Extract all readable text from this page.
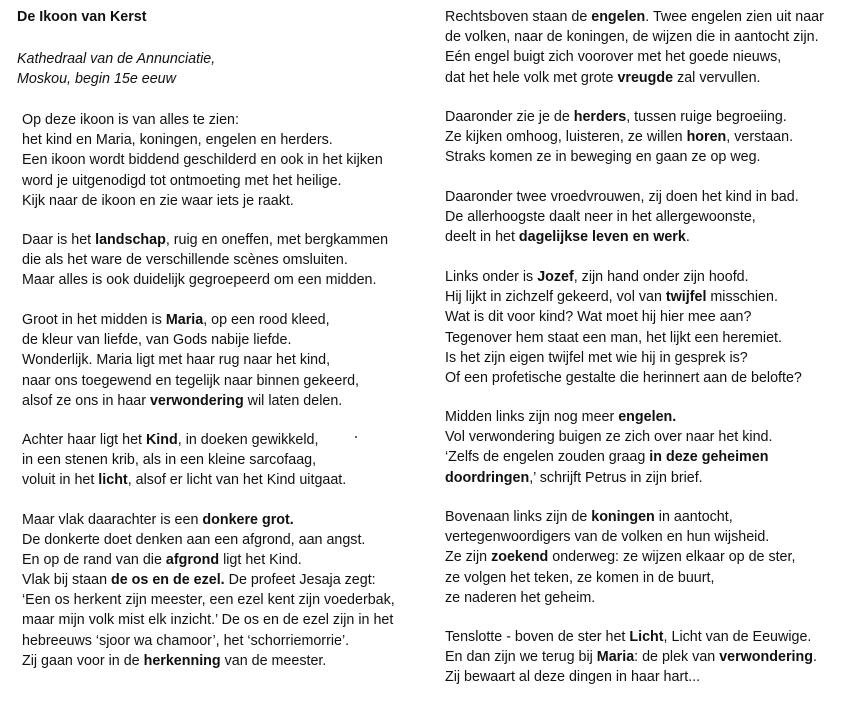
De Ikoon van Kerst
Kathedraal van de Annunciatie,
Moskou, begin 15e eeuw
Op deze ikoon is van alles te zien:
het kind en Maria, koningen, engelen en herders.
Een ikoon wordt biddend geschilderd en ook in het kijken
word je uitgenodigd tot ontmoeting met het heilige.
Kijk naar de ikoon en zie waar iets je raakt.
Daar is het landschap, ruig en oneffen, met bergkammen
die als het ware de verschillende scènes omsluiten.
Maar alles is ook duidelijk gegroepeerd om een midden.
Groot in het midden is Maria, op een rood kleed,
de kleur van liefde, van Gods nabije liefde.
Wonderlijk. Maria ligt met haar rug naar het kind,
naar ons toegewend en tegelijk naar binnen gekeerd,
alsof ze ons in haar verwondering wil laten delen.
Achter haar ligt het Kind, in doeken gewikkeld,
in een stenen krib, als in een kleine sarcofaag,
voluit in het licht, alsof er licht van het Kind uitgaat.
Maar vlak daarachter is een donkere grot.
De donkerte doet denken aan een afgrond, aan angst.
En op de rand van die afgrond ligt het Kind.
Vlak bij staan de os en de ezel. De profeet Jesaja zegt:
‘Een os herkent zijn meester, een ezel kent zijn voederbak,
maar mijn volk mist elk inzicht.’ De os en de ezel zijn in het
hebreeuws ‘sjoor wa chamoor’, het ‘schorriemorrie’.
Zij gaan voor in de herkenning van de meester.
Rechtsboven staan de engelen. Twee engelen zien uit naar
de volken, naar de koningen, de wijzen die in aantocht zijn.
Eén engel buigt zich voorover met het goede nieuws,
dat het hele volk met grote vreugde zal vervullen.
Daaronder zie je de herders, tussen ruige begroeiing.
Ze kijken omhoog, luisteren, ze willen horen, verstaan.
Straks komen ze in beweging en gaan ze op weg.
Daaronder twee vroedvrouwen, zij doen het kind in bad.
De allerhoogste daalt neer in het allergewoonste,
deelt in het dagelijkse leven en werk.
Links onder is Jozef, zijn hand onder zijn hoofd.
Hij lijkt in zichzelf gekeerd, vol van twijfel misschien.
Wat is dit voor kind? Wat moet hij hier mee aan?
Tegenover hem staat een man, het lijkt een heremiet.
Is het zijn eigen twijfel met wie hij in gesprek is?
Of een profetische gestalte die herinnert aan de belofte?
Midden links zijn nog meer engelen.
Vol verwondering buigen ze zich over naar het kind.
‘Zelfs de engelen zouden graag in deze geheimen
doordringen,’ schrijft Petrus in zijn brief.
Bovenaan links zijn de koningen in aantocht,
vertegenwoordigers van de volken en hun wijsheid.
Ze zijn zoekend onderweg: ze wijzen elkaar op de ster,
ze volgen het teken, ze komen in de buurt,
ze naderen het geheim.
Tenslotte - boven de ster het Licht, Licht van de Eeuwige.
En dan zijn we terug bij Maria: de plek van verwondering.
Zij bewaart al deze dingen in haar hart...
